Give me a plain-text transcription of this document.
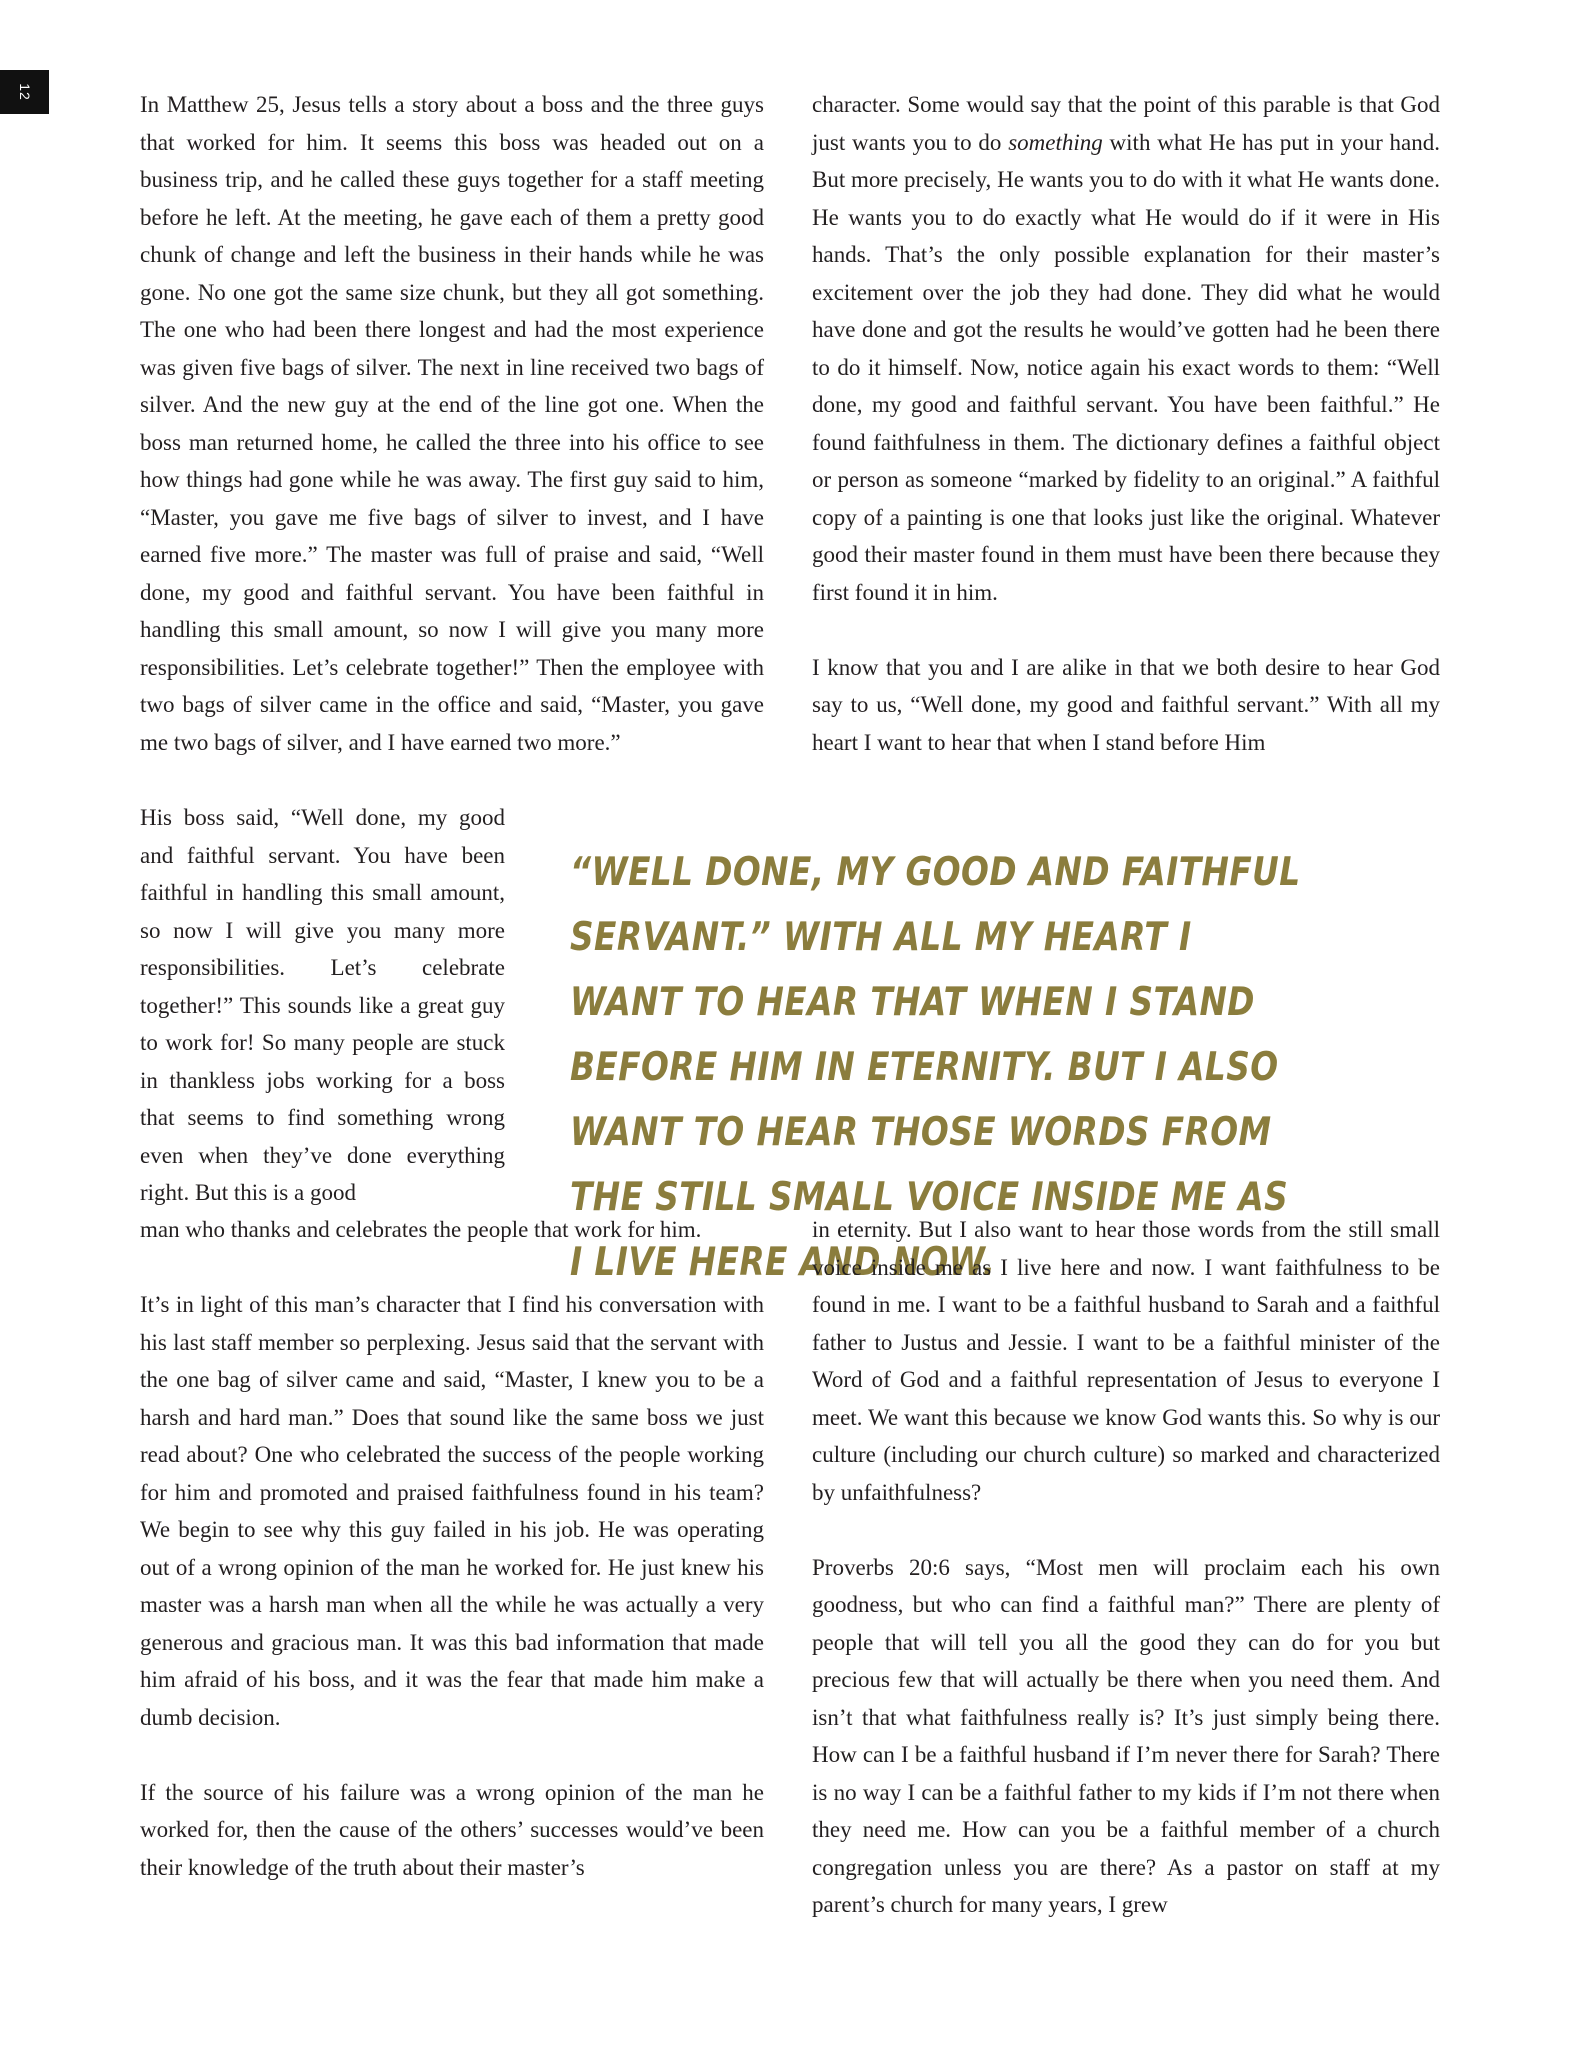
12	In Matthew 25, Jesus tells a story about a boss and the three guys that worked for him. It seems this boss was headed out on a business trip, and he called these guys together for a staff meeting before he left. At the meeting, he gave each of them a pretty good chunk of change and left the business in their hands while he was gone. No one got the same size chunk, but they all got something. The one who had been there longest and had the most experience was given five bags of silver. The next in line received two bags of silver. And the new guy at the end of the line got one. When the boss man returned home, he called the three into his office to see how things had gone while he was away. The first guy said to him, “Master, you gave me five bags of silver to invest, and I have earned five more.” The master was full of praise and said, “Well done, my good and faithful servant. You have been faithful in handling this small amount, so now I will give you many more responsibilities. Let’s celebrate together!” Then the employee with two bags of silver came in the office and said, “Master, you gave me two bags of silver, and I have earned two more.”

His boss said, “Well done, my good and faithful servant. You have been faithful in handling this small amount, so now I will give you many more responsibilities. Let’s celebrate together!” This sounds like a great guy to work for! So many people are stuck in thankless jobs working for a boss that seems to find something wrong even when they’ve done everything right. But this is a good

man who thanks and celebrates the people that work for him.

It’s in light of this man’s character that I find his conversation with his last staff member so perplexing. Jesus said that the servant with the one bag of silver came and said, “Master, I knew you to be a harsh and hard man.” Does that sound like the same boss we just read about? One who celebrated the success of the people working for him and promoted and praised faithfulness found in his team? We begin to see why this guy failed in his job. He was operating out of a wrong opinion of the man he worked for. He just knew his master was a harsh man when all the while he was actually a very generous and gracious man. It was this bad information that made him afraid of his boss, and it was the fear that made him make a dumb decision.

If the source of his failure was a wrong opinion of the man he worked for, then the cause of the others’ successes would’ve been their knowledge of the truth about their master’s

character. Some would say that the point of this parable is that God just wants you to do something with what He has put in your hand. But more precisely, He wants you to do with it what He wants done. He wants you to do exactly what He would do if it were in His hands. That’s the only possible explanation for their master’s excitement over the job they had done. They did what he would have done and got the results he would’ve gotten had he been there to do it himself. Now, notice again his exact words to them: “Well done, my good and faithful servant. You have been faithful.” He found faithfulness in them. The dictionary defines a faithful object or person as someone “marked by fidelity to an original.” A faithful copy of a painting is one that looks just like the original. Whatever good their master found in them must have been there because they first found it in him.

I know that you and I are alike in that we both desire to hear God say to us, “Well done, my good and faithful servant.” With all my heart I want to hear that when I stand before Him

“WELL DONE, MY GOOD AND FAITHFUL SERVANT.” WITH ALL MY HEART I WANT TO HEAR THAT WHEN I STAND BEFORE HIM IN ETERNITY. BUT I ALSO WANT TO HEAR THOSE WORDS FROM THE STILL SMALL VOICE INSIDE ME AS I LIVE HERE AND NOW.

in eternity. But I also want to hear those words from the still small voice inside me as I live here and now. I want faithfulness to be found in me. I want to be a faithful husband to Sarah and a faithful father to Justus and Jessie. I want to be a faithful minister of the Word of God and a faithful representation of Jesus to everyone I meet. We want this because we know God wants this. So why is our culture (including our church culture) so marked and characterized by unfaithfulness?

Proverbs 20:6 says, “Most men will proclaim each his own goodness, but who can find a faithful man?” There are plenty of people that will tell you all the good they can do for you but precious few that will actually be there when you need them. And isn’t that what faithfulness really is? It’s just simply being there. How can I be a faithful husband if I’m never there for Sarah? There is no way I can be a faithful father to my kids if I’m not there when they need me. How can you be a faithful member of a church congregation unless you are there? As a pastor on staff at my parent’s church for many years, I grew
